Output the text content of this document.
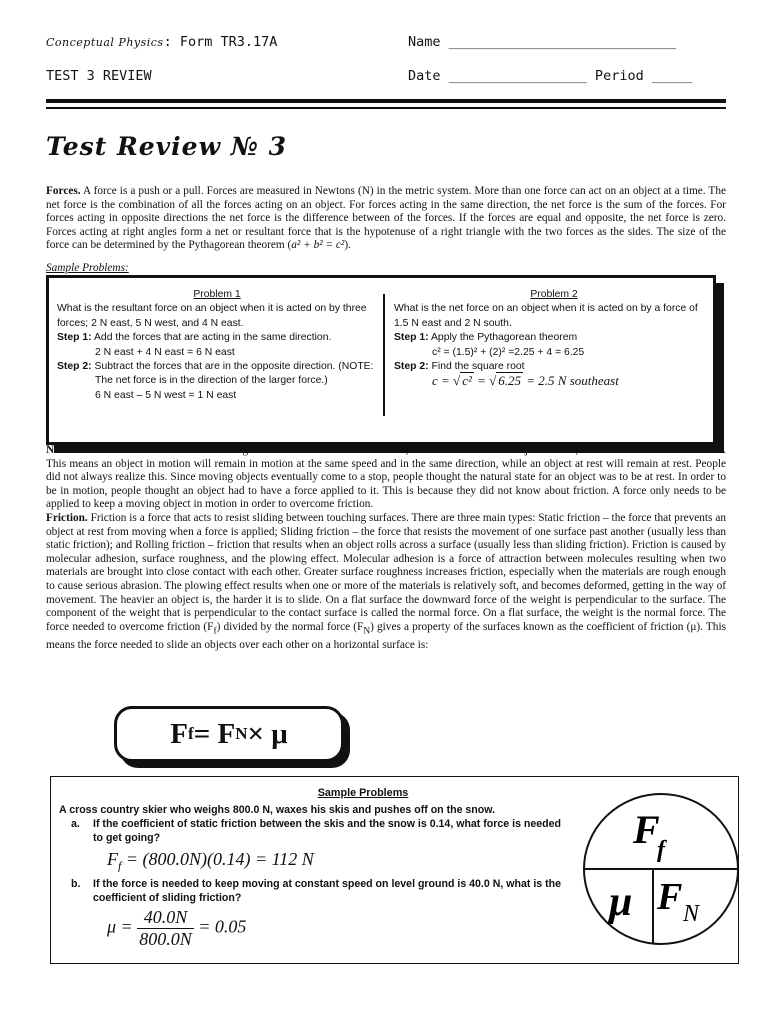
Conceptual Physics: Form TR3.17A	Name ____________________________
TEST 3 REVIEW	Date _________________ Period _____
Test Review № 3
Forces. A force is a push or a pull. Forces are measured in Newtons (N) in the metric system. More than one force can act on an object at a time. The net force is the combination of all the forces acting on an object. For forces acting in the same direction, the net force is the sum of the forces. For forces acting in opposite directions the net force is the difference between of the forces. If the forces are equal and opposite, the net force is zero. Forces acting at right angles form a net or resultant force that is the hypotenuse of a right triangle with the two forces as the sides. The size of the force can be determined by the Pythagorean theorem (a² + b² = c²).
Sample Problems:
Problem 1
What is the resultant force on an object when it is acted on by three forces; 2 N east, 5 N west, and 4 N east.
Step 1: Add the forces that are acting in the same direction.
2 N east + 4 N east = 6 N east
Step 2: Subtract the forces that are in the opposite direction. (NOTE:
The net force is in the direction of the larger force.)
6 N east – 5 N west = 1 N east
Problem 2
What is the net force on an object when it is acted on by a force of 1.5 N east and 2 N south.
Step 1: Apply the Pythagorean theorem
c² = (1.5)² + (2)² =2.25 + 4 = 6.25
Step 2: Find the square root
c = √ c² = √ 6.25 = 2.5 N southeast
Newton’s First Law of Motion. According to Newton’s First Law of Motion, if the net force on an object is zero, it maintains its state of motion. This means an object in motion will remain in motion at the same speed and in the same direction, while an object at rest will remain at rest. People did not always realize this. Since moving objects eventually come to a stop, people thought the natural state for an object was to be at rest. In order to be in motion, people thought an object had to have a force applied to it. This is because they did not know about friction. A force only needs to be applied to keep a moving object in motion in order to overcome friction.
Friction. Friction is a force that acts to resist sliding between touching surfaces. There are three main types: Static friction – the force that prevents an object at rest from moving when a force is applied; Sliding friction – the force that resists the movement of one surface past another (usually less than static friction); and Rolling friction – friction that results when an object rolls across a surface (usually less than sliding friction). Friction is caused by molecular adhesion, surface roughness, and the plowing effect. Molecular adhesion is a force of attraction between molecules resulting when two materials are brought into close contact with each other. Greater surface roughness increases friction, especially when the materials are rough enough to cause serious abrasion. The plowing effect results when one or more of the materials is relatively soft, and becomes deformed, getting in the way of movement. The heavier an object is, the harder it is to slide. On a flat surface the downward force of the weight is perpendicular to the surface. The component of the weight that is perpendicular to the contact surface is called the normal force. On a flat surface, the weight is the normal force. The force needed to overcome friction $(F_f)$ divided by the normal force $(F_N)$ gives a property of the surfaces known as the coefficient of friction (μ). This means the force needed to slide an objects over each other on a horizontal surface is:
F f = F N × μ
Sample Problems
A cross country skier who weighs 800.0 N, waxes his skis and pushes off on the snow.
a. If the coefficient of static friction between the skis and the snow is 0.14, what force is needed to get going?
$F_f = (800.0N)(0.14) = 112$ N
b. If the force is needed to keep moving at constant speed on level ground is 40.0 N, what is the coefficient of sliding friction?
$\mu = \frac{40.0N}{800.0N} = 0.05$
F
f
μ F N
